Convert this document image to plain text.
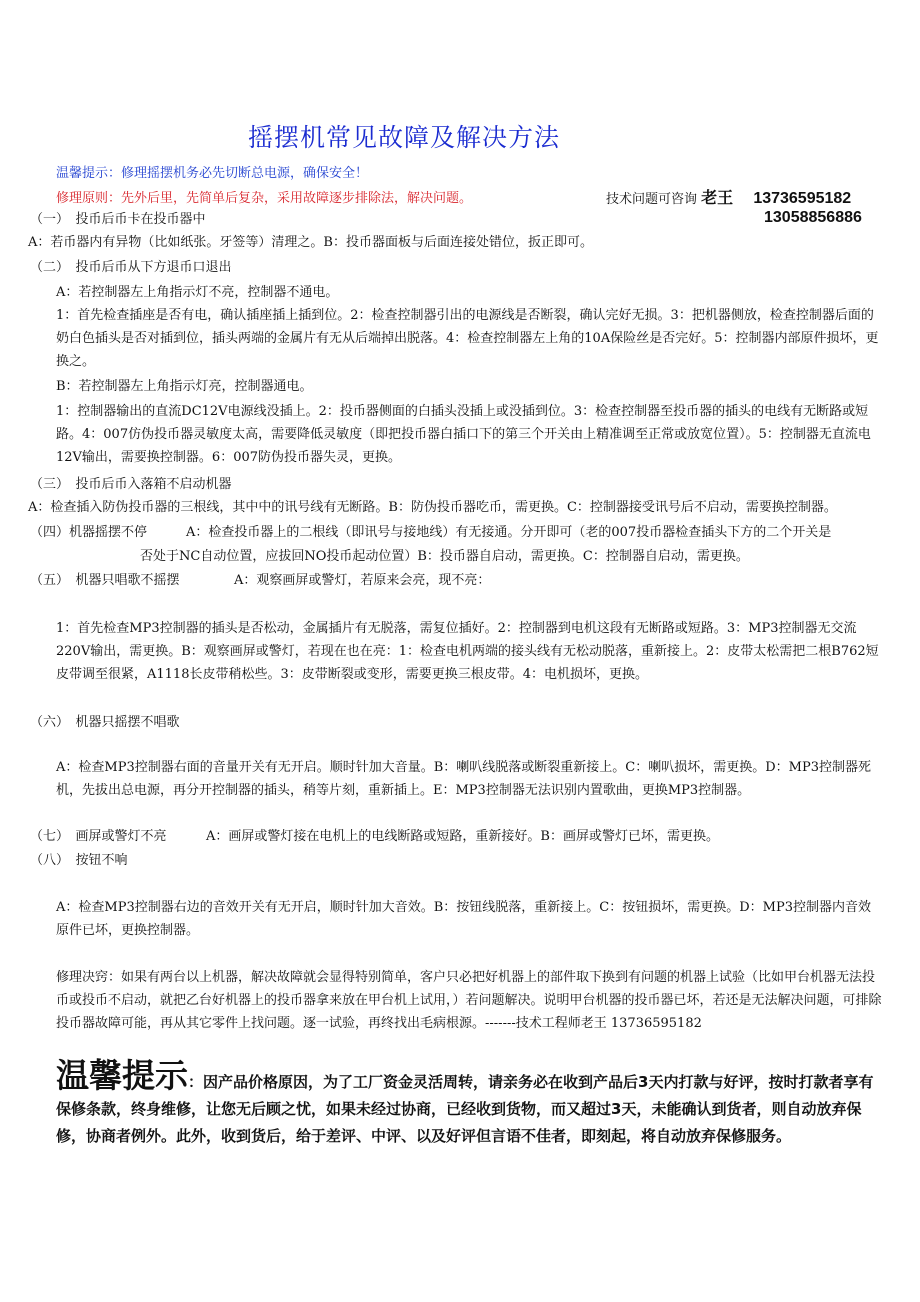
摇摆机常见故障及解决方法
温馨提示：修理摇摆机务必先切断总电源，确保安全！
修理原则：先外后里，先简单后复杂，采用故障逐步排除法，解决问题。	技术问题可咨询 老王 13736595182
13058856886
（一）　投币后币卡在投币器中
A：若币器内有异物（比如纸张。牙签等）清理之。B：投币器面板与后面连接处错位，扳正即可。
（二）　投币后币从下方退币口退出
A：若控制器左上角指示灯不亮，控制器不通电。
1：首先检查插座是否有电，确认插座插上插到位。2：检查控制器引出的电源线是否断裂，确认完好无损。3：把机器侧放，检查控制器后面的奶白色插头是否对插到位，插头两端的金属片有无从后端掉出脱落。4：检查控制器左上角的10A保险丝是否完好。5：控制器内部原件损坏，更换之。
B：若控制器左上角指示灯亮，控制器通电。
1：控制器输出的直流DC12V电源线没插上。2：投币器侧面的白插头没插上或没插到位。3：检查控制器至投币器的插头的电线有无断路或短路。4：007仿伪投币器灵敏度太高，需要降低灵敏度（即把投币器白插口下的第三个开关由上精准调至正常或放宽位置）。5：控制器无直流电12V输出，需要换控制器。6：007防伪投币器失灵，更换。
（三）　投币后币入落箱不启动机器
A：检查插入防伪投币器的三根线，其中中的讯号线有无断路。B：防伪投币器吃币，需更换。C：控制器接受讯号后不启动，需要换控制器。
（四）机器摇摆不停	A：检查投币器上的二根线（即讯号与接地线）有无接通。分开即可（老的007投币器检查插头下方的二个开关是
否处于NC自动位置，应拔回NO投币起动位置）B：投币器自启动，需更换。C：控制器自启动，需更换。
（五）　机器只唱歌不摇摆	A：观察画屏或警灯，若原来会亮，现不亮：
1：首先检查MP3控制器的插头是否松动，金属插片有无脱落，需复位插好。2：控制器到电机这段有无断路或短路。3：MP3控制器无交流220V输出，需更换。B：观察画屏或警灯，若现在也在亮：1：检查电机两端的接头线有无松动脱落，重新接上。2：皮带太松需把二根B762短皮带调至很紧，A1118长皮带稍松些。3：皮带断裂或变形，需要更换三根皮带。4：电机损坏，更换。
（六）　机器只摇摆不唱歌
A：检查MP3控制器右面的音量开关有无开启。顺时针加大音量。B：喇叭线脱落或断裂重新接上。C：喇叭损坏，需更换。D：MP3控制器死机，先拔出总电源，再分开控制器的插头，稍等片刻，重新插上。E：MP3控制器无法识别内置歌曲，更换MP3控制器。
（七）　画屏或警灯不亮	A：画屏或警灯接在电机上的电线断路或短路，重新接好。B：画屏或警灯已坏，需更换。
（八）　按钮不响
A：检查MP3控制器右边的音效开关有无开启，顺时针加大音效。B：按钮线脱落，重新接上。C：按钮损坏，需更换。D：MP3控制器内音效原件已坏，更换控制器。
修理决窍：如果有两台以上机器，解决故障就会显得特别简单，客户只必把好机器上的部件取下换到有问题的机器上试验（比如甲台机器无法投币或投币不启动，就把乙台好机器上的投币器拿来放在甲台机上试用，）若问题解决。说明甲台机器的投币器已坏，若还是无法解决问题，可排除投币器故障可能，再从其它零件上找问题。逐一试验，再终找出毛病根源。-------技术工程师老王 13736595182
温馨提示：因产品价格原因，为了工厂资金灵活周转，请亲务必在收到产品后3天内打款与好评，按时打款者享有保修条款，终身维修，让您无后顾之忧，如果未经过协商，已经收到货物，而又超过3天，未能确认到货者，则自动放弃保修，协商者例外。此外，收到货后，给于差评、中评、以及好评但言语不佳者，即刻起，将自动放弃保修服务。
